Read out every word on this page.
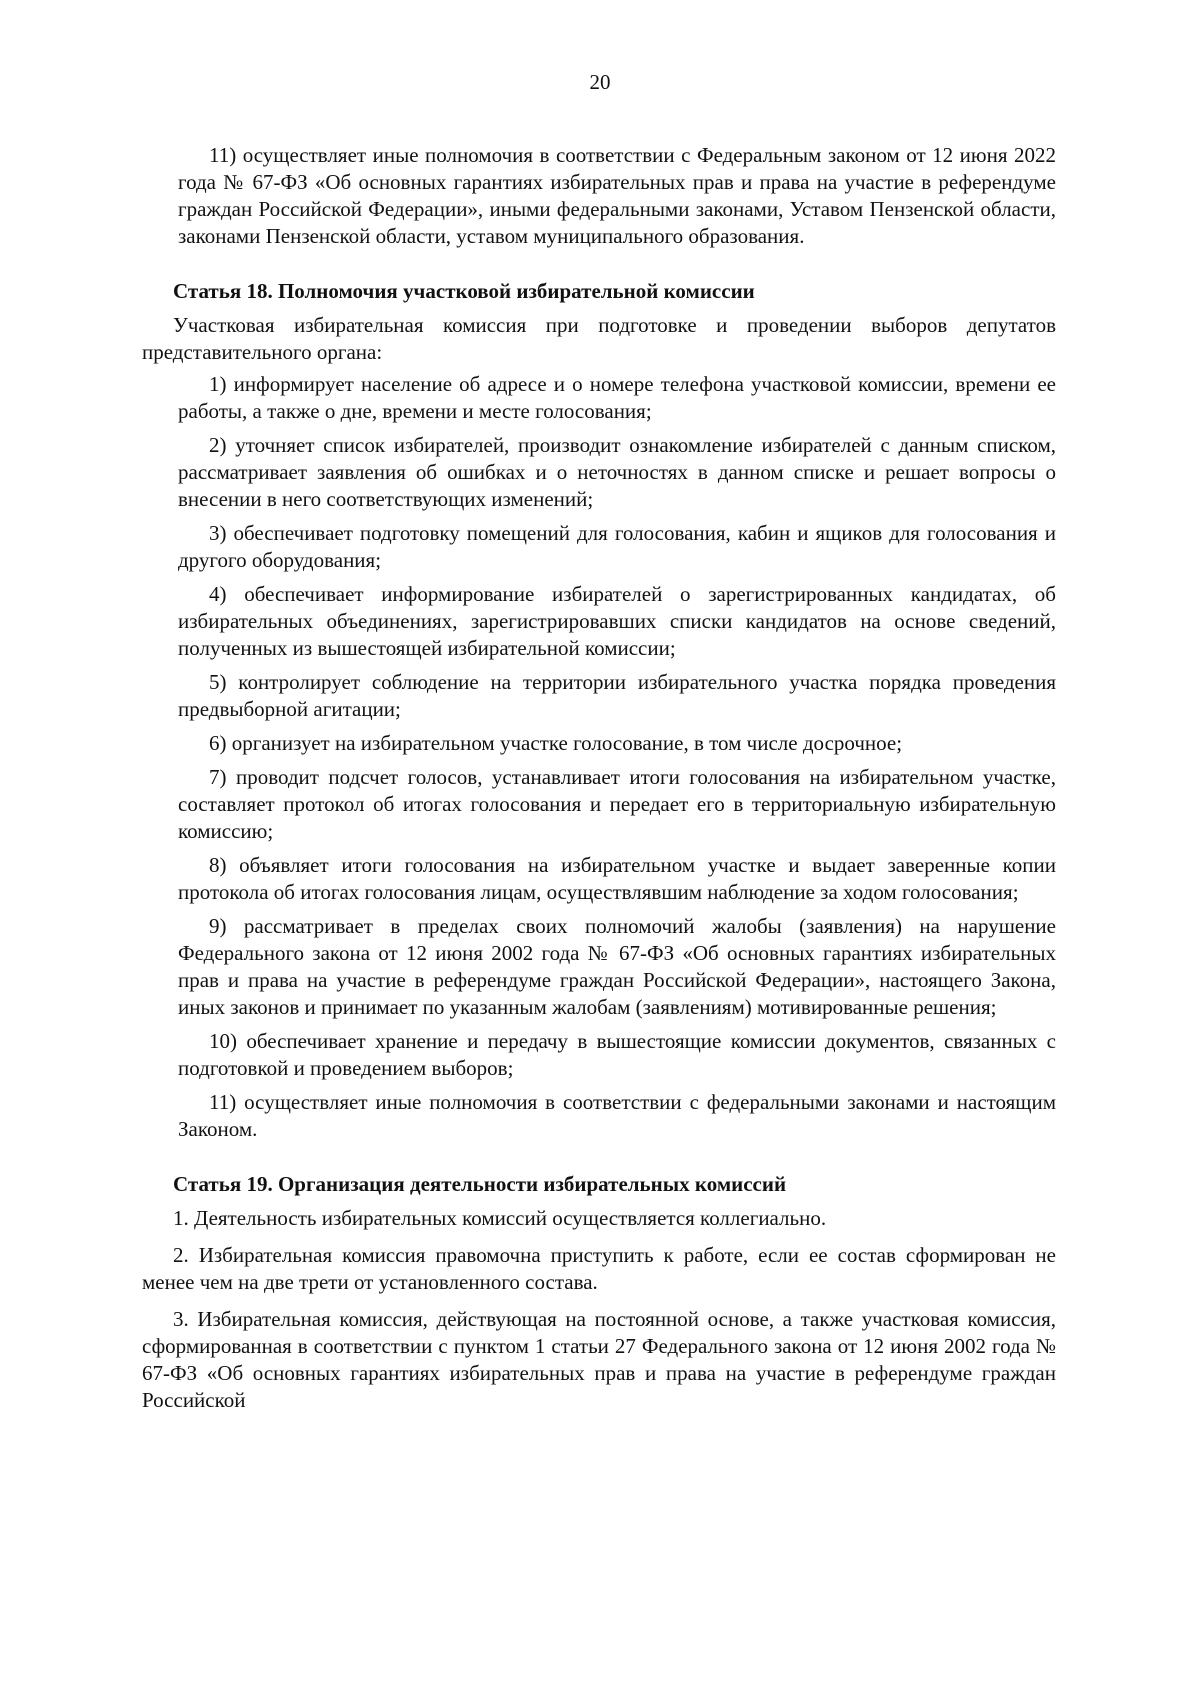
20

11) осуществляет иные полномочия в соответствии с Федеральным законом от 12 июня 2022 года № 67-ФЗ «Об основных гарантиях избирательных прав и права на участие в референдуме граждан Российской Федерации», иными федеральными законами, Уставом Пензенской области, законами Пензенской области, уставом муниципального образования.

Статья 18. Полномочия участковой избирательной комиссии

Участковая избирательная комиссия при подготовке и проведении выборов депутатов представительного органа:

1) информирует население об адресе и о номере телефона участковой комиссии, времени ее работы, а также о дне, времени и месте голосования;

2) уточняет список избирателей, производит ознакомление избирателей с данным списком, рассматривает заявления об ошибках и о неточностях в данном списке и решает вопросы о внесении в него соответствующих изменений;

3) обеспечивает подготовку помещений для голосования, кабин и ящиков для голосования и другого оборудования;

4) обеспечивает информирование избирателей о зарегистрированных кандидатах, об избирательных объединениях, зарегистрировавших списки кандидатов на основе сведений, полученных из вышестоящей избирательной комиссии;

5) контролирует соблюдение на территории избирательного участка порядка проведения предвыборной агитации;

6) организует на избирательном участке голосование, в том числе досрочное;

7) проводит подсчет голосов, устанавливает итоги голосования на избирательном участке, составляет протокол об итогах голосования и передает его в территориальную избирательную комиссию;

8) объявляет итоги голосования на избирательном участке и выдает заверенные копии протокола об итогах голосования лицам, осуществлявшим наблюдение за ходом голосования;

9) рассматривает в пределах своих полномочий жалобы (заявления) на нарушение Федерального закона от 12 июня 2002 года № 67-ФЗ «Об основных гарантиях избирательных прав и права на участие в референдуме граждан Российской Федерации», настоящего Закона, иных законов и принимает по указанным жалобам (заявлениям) мотивированные решения;

10) обеспечивает хранение и передачу в вышестоящие комиссии документов, связанных с подготовкой и проведением выборов;

11) осуществляет иные полномочия в соответствии с федеральными законами и настоящим Законом.

Статья 19. Организация деятельности избирательных комиссий

1. Деятельность избирательных комиссий осуществляется коллегиально.

2. Избирательная комиссия правомочна приступить к работе, если ее состав сформирован не менее чем на две трети от установленного состава.

3. Избирательная комиссия, действующая на постоянной основе, а также участковая комиссия, сформированная в соответствии с пунктом 1 статьи 27 Федерального закона от 12 июня 2002 года № 67-ФЗ «Об основных гарантиях избирательных прав и права на участие в референдуме граждан Российской
